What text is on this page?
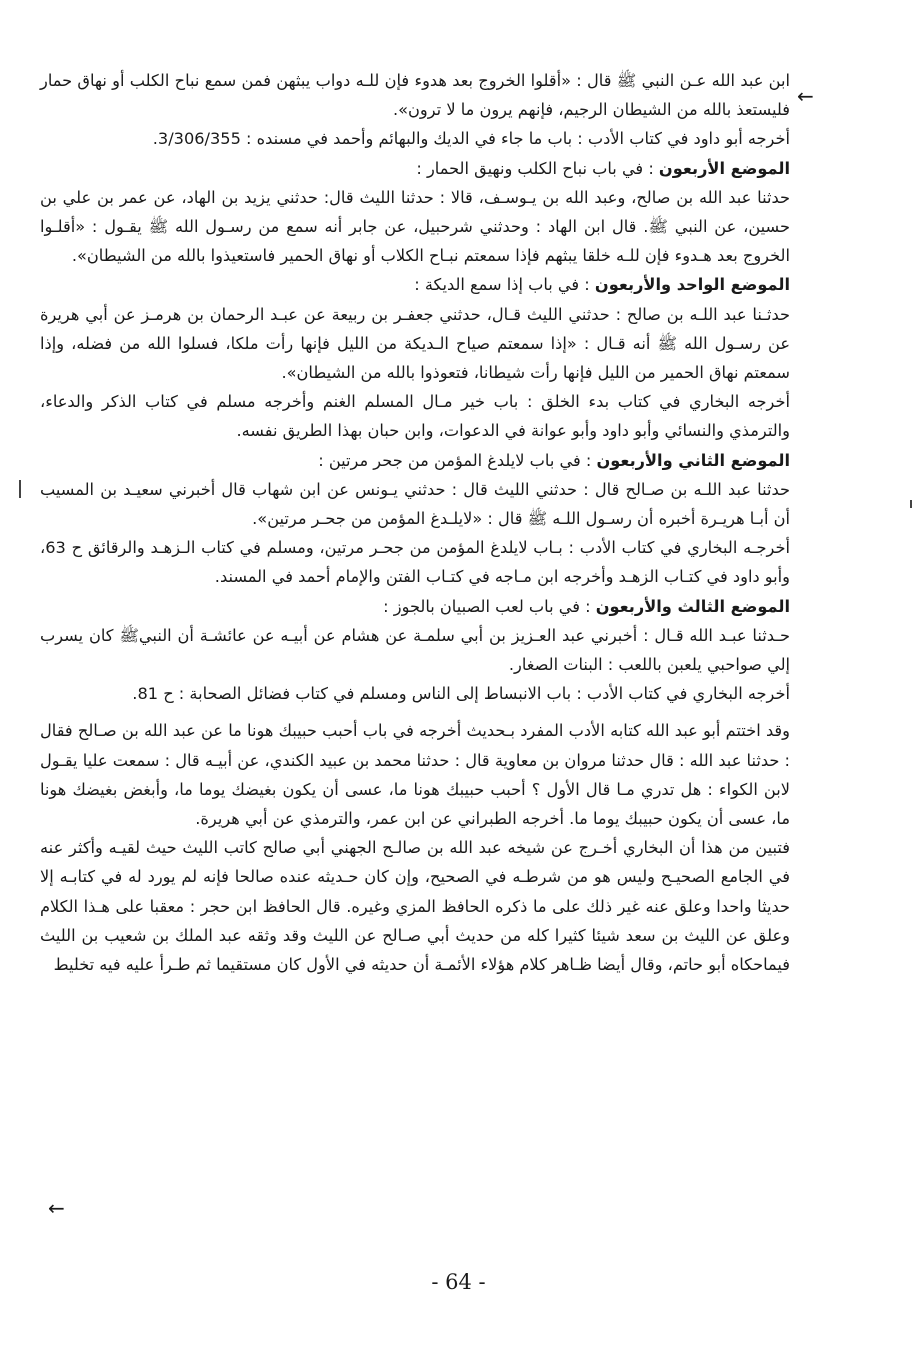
←

ابن عبد الله عـن النبي ﷺ قال : «أقلوا الخروج بعد هدوء فإن للـه دواب يبثهن فمن سمع نباح الكلب أو نهاق حمار فليستعذ بالله من الشيطان الرجيم، فإنهم يرون ما لا ترون».

أخرجه أبو داود في كتاب الأدب : باب ما جاء في الديك والبهائم وأحمد في مسنده : 3/306/355.

الموضع الأربعون : في باب نباح الكلب ونهيق الحمار :

حدثنا عبد الله بن صالح، وعبد الله بن يـوسـف، قالا : حدثنا الليث قال: حدثني يزيد بن الهاد، عن عمر بن علي بن حسين، عن النبي ﷺ. قال ابن الهاد : وحدثني شرحبيل، عن جابر أنه سمع من رسـول الله ﷺ يقـول : «أقلـوا الخروج بعد هـدوء فإن للـه خلقا يبثهم فإذا سمعتم نبـاح الكلاب أو نهاق الحمير فاستعيذوا بالله من الشيطان».

الموضع الواحد والأربعون : في باب إذا سمع الديكة :

حدثـنا عبد اللـه بن صالح : حدثني الليث قـال، حدثني جعفـر بن ربيعة عن عبـد الرحمان بن هرمـز عن أبي هريرة عن رسـول الله ﷺ أنه قـال : «إذا سمعتم صياح الـديكة من الليل فإنها رأت ملكا، فسلوا الله من فضله، وإذا سمعتم نهاق الحمير من الليل فإنها رأت شيطانا، فتعوذوا بالله من الشيطان».

أخرجه البخاري في كتاب بدء الخلق : باب خير مـال المسلم الغنم وأخرجه مسلم في كتاب الذكر والدعاء، والترمذي والنسائي وأبو داود وأبو عوانة في الدعوات، وابن حبان بهذا الطريق نفسه.

الموضع الثاني والأربعون : في باب لايلدغ المؤمن من جحر مرتين :

حدثنا عبد اللـه بن صـالح قال : حدثني الليث قال : حدثني يـونس عن ابن شهاب قال أخبرني سعيـد بن المسيب أن أبـا هريـرة أخبره أن رسـول اللـه ﷺ قال : «لايلـدغ المؤمن من جحـر مرتين».

أخرجـه البخاري في كتاب الأدب : بـاب لايلدغ المؤمن من جحـر مرتين، ومسلم في كتاب الـزهـد والرقائق ح 63، وأبو داود في كتـاب الزهـد وأخرجه ابن مـاجه في كتـاب الفتن والإمام أحمد في المسند.

الموضع الثالث والأربعون : في باب لعب الصبيان بالجوز :

حـدثنا عبـد الله قـال : أخبرني عبد العـزيز بن أبي سلمـة عن هشام عن أبيـه عن عائشـة أن النبيﷺ كان يسرب إلي صواحبي يلعبن باللعب : البنات الصغار.

أخرجه البخاري في كتاب الأدب : باب الانبساط إلى الناس ومسلم في كتاب فضائل الصحابة : ح 81.

وقد اختتم أبو عبد الله كتابه الأدب المفرد بـحديث أخرجه في باب أحبب حبيبك هونا ما عن عبد الله بن صـالح فقال : حدثنا عبد الله : قال حدثنا مروان بن معاوية قال : حدثنا محمد بن عبيد الكندي، عن أبيـه قال : سمعت عليا يقـول لابن الكواء : هل تدري مـا قال الأول ؟ أحبب حبيبك هونا ما، عسى أن يكون بغيضك يوما ما، وأبغض بغيضك هونا ما، عسى أن يكون حبيبك يوما ما. أخرجه الطبراني عن ابن عمر، والترمذي عن أبي هريرة.

فتبين من هذا أن البخاري أخـرج عن شيخه عبد الله بن صالـح الجهني أبي صالح كاتب الليث حيث لقيـه وأكثر عنه في الجامع الصحيـح وليس هو من شرطـه في الصحيح، وإن كان حـديثه عنده صالحا فإنه لم يورد له في كتابـه إلا حديثا واحدا وعلق عنه غير ذلك على ما ذكره الحافظ المزي وغيره. قال الحافظ ابن حجر : معقبا على هـذا الكلام وعلق عن الليث بن سعد شيئا كثيرا كله من حديث أبي صـالح عن الليث وقد وثقه عبد الملك بن شعيب بن الليث فيماحكاه أبو حاتم، وقال أيضا ظـاهر كلام هؤلاء الأئمـة أن حديثه في الأول كان مستقيما ثم طـرأ عليه فيه تخليط

←
- 64 -
